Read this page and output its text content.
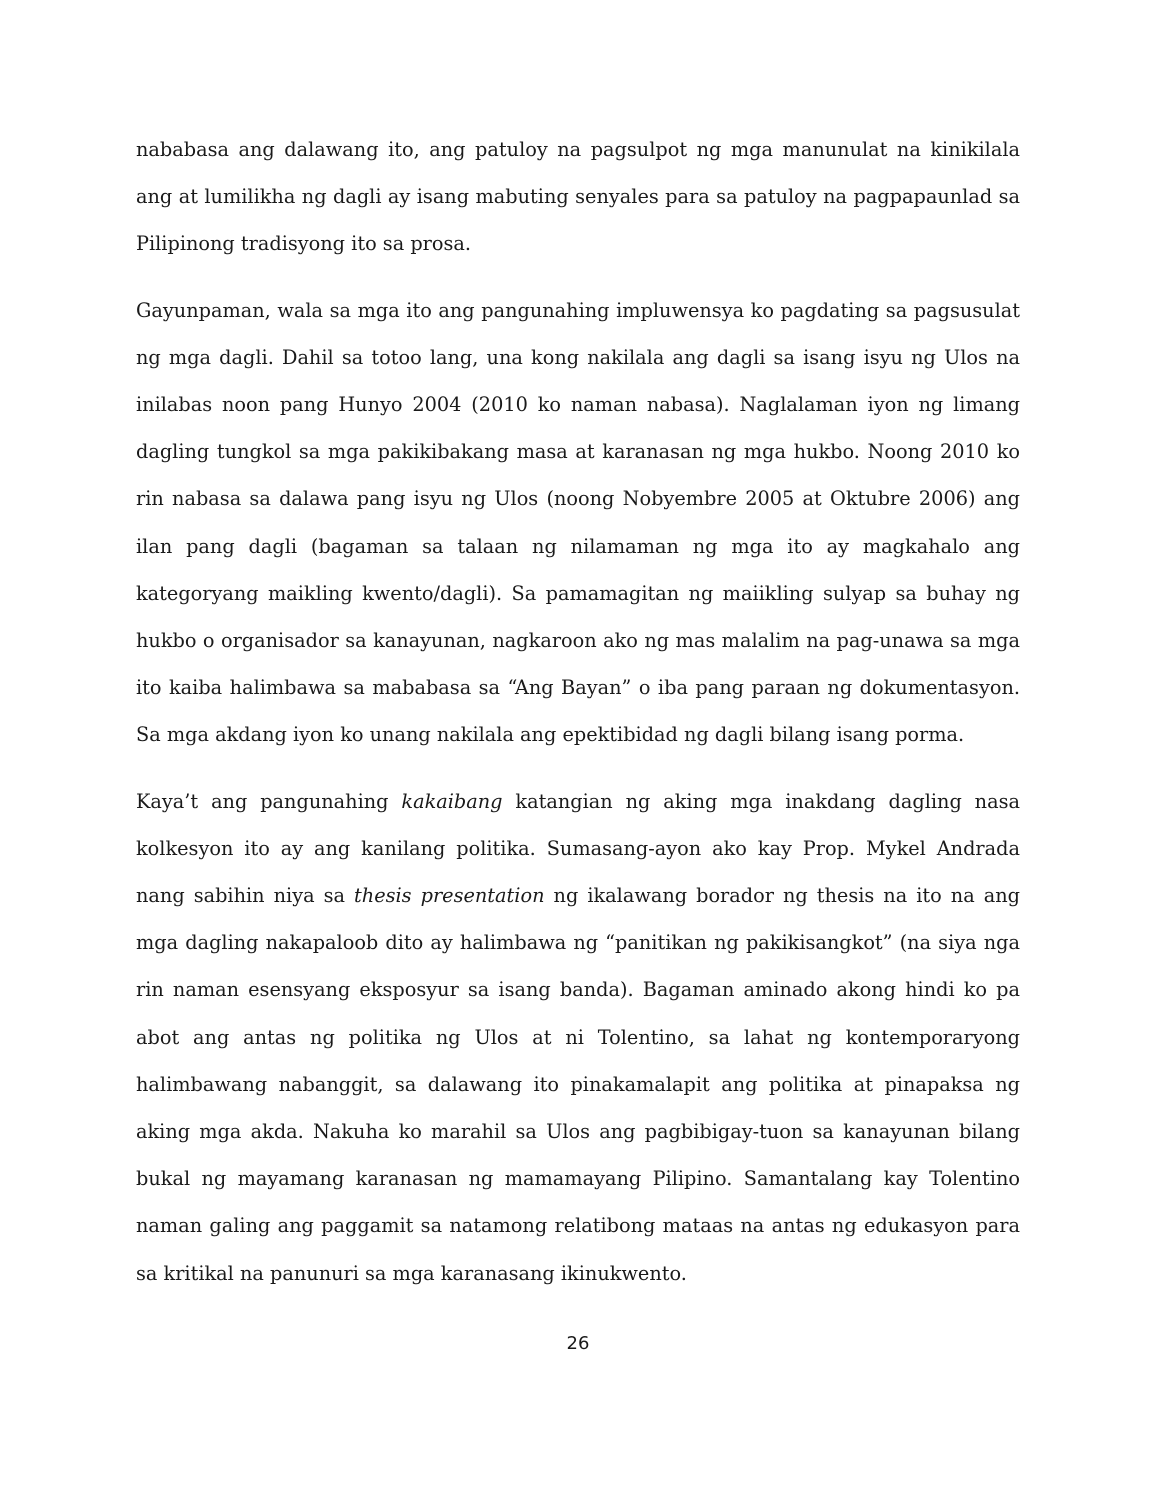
nababasa ang dalawang ito, ang patuloy na pagsulpot ng mga manunulat na kinikilala ang at lumilikha ng dagli ay isang mabuting senyales para sa patuloy na pagpapaunlad sa Pilipinong tradisyong ito sa prosa.

Gayunpaman, wala sa mga ito ang pangunahing impluwensya ko pagdating sa pagsusulat ng mga dagli. Dahil sa totoo lang, una kong nakilala ang dagli sa isang isyu ng Ulos na inilabas noon pang Hunyo 2004 (2010 ko naman nabasa). Naglalaman iyon ng limang dagling tungkol sa mga pakikibakang masa at karanasan ng mga hukbo. Noong 2010 ko rin nabasa sa dalawa pang isyu ng Ulos (noong Nobyembre 2005 at Oktubre 2006) ang ilan pang dagli (bagaman sa talaan ng nilamaman ng mga ito ay magkahalo ang kategoryang maikling kwento/dagli). Sa pamamagitan ng maiikling sulyap sa buhay ng hukbo o organisador sa kanayunan, nagkaroon ako ng mas malalim na pag-unawa sa mga ito kaiba halimbawa sa mababasa sa “Ang Bayan” o iba pang paraan ng dokumentasyon. Sa mga akdang iyon ko unang nakilala ang epektibidad ng dagli bilang isang porma.

Kaya’t ang pangunahing kakaibang katangian ng aking mga inakdang dagling nasa kolkesyon ito ay ang kanilang politika. Sumasang-ayon ako kay Prop. Mykel Andrada nang sabihin niya sa thesis presentation ng ikalawang borador ng thesis na ito na ang mga dagling nakapaloob dito ay halimbawa ng “panitikan ng pakikisangkot” (na siya nga rin naman esensyang eksposyur sa isang banda). Bagaman aminado akong hindi ko pa abot ang antas ng politika ng Ulos at ni Tolentino, sa lahat ng kontemporaryong halimbawang nabanggit, sa dalawang ito pinakamalapit ang politika at pinapaksa ng aking mga akda. Nakuha ko marahil sa Ulos ang pagbibigay-tuon sa kanayunan bilang bukal ng mayamang karanasan ng mamamayang Pilipino. Samantalang kay Tolentino naman galing ang paggamit sa natamong relatibong mataas na antas ng edukasyon para sa kritikal na panunuri sa mga karanasang ikinukwento.

26
